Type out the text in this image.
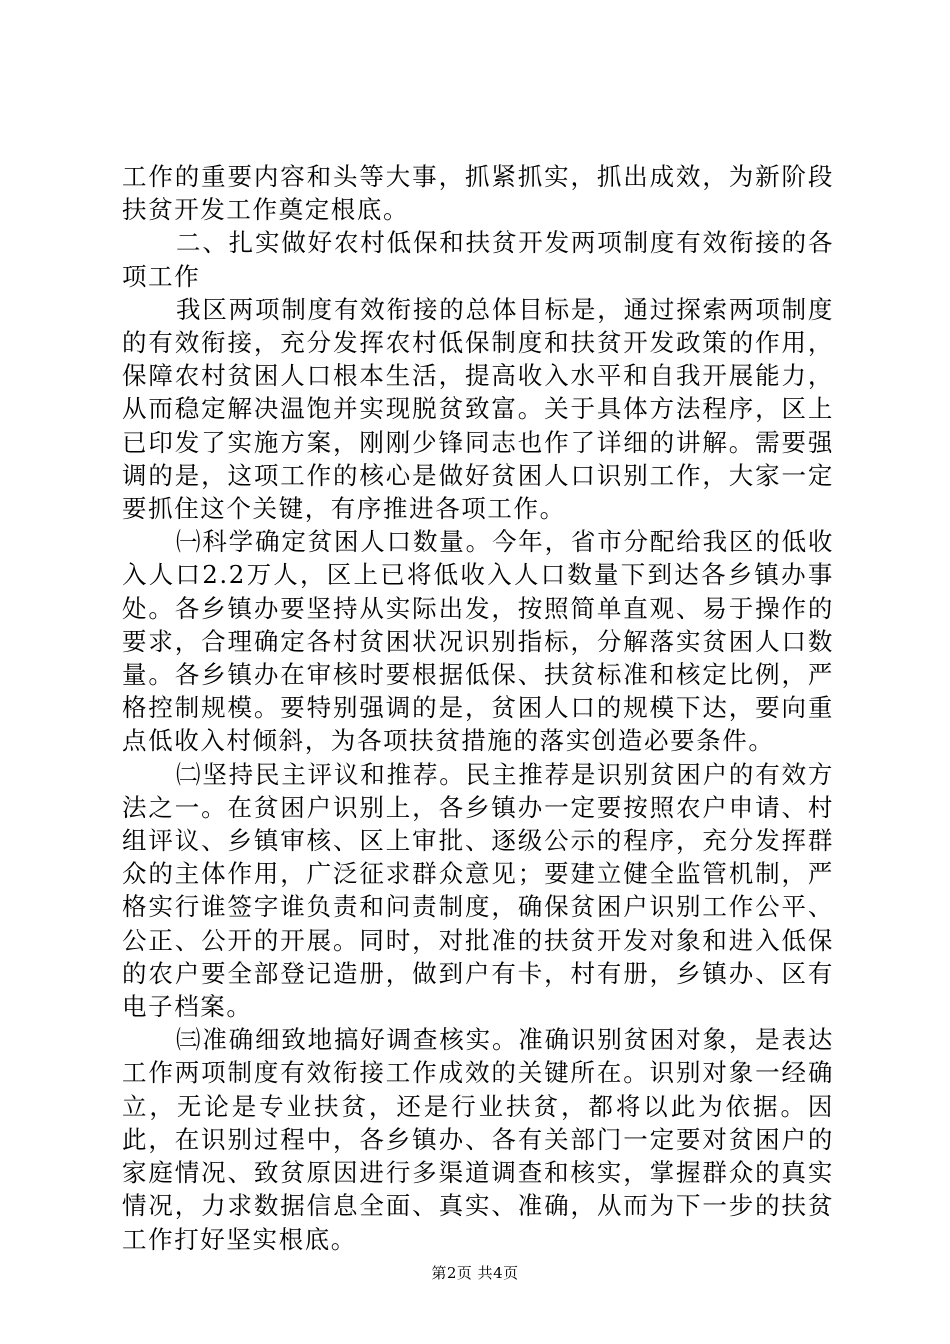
工作的重要内容和头等大事，抓紧抓实，抓出成效，为新阶段扶贫开发工作奠定根底。

二、扎实做好农村低保和扶贫开发两项制度有效衔接的各项工作

我区两项制度有效衔接的总体目标是，通过探索两项制度的有效衔接，充分发挥农村低保制度和扶贫开发政策的作用，保障农村贫困人口根本生活，提高收入水平和自我开展能力，从而稳定解决温饱并实现脱贫致富。关于具体方法程序，区上已印发了实施方案，刚刚少锋同志也作了详细的讲解。需要强调的是，这项工作的核心是做好贫困人口识别工作，大家一定要抓住这个关键，有序推进各项工作。

㈠科学确定贫困人口数量。今年，省市分配给我区的低收入人口2.2万人，区上已将低收入人口数量下到达各乡镇办事处。各乡镇办要坚持从实际出发，按照简单直观、易于操作的要求，合理确定各村贫困状况识别指标，分解落实贫困人口数量。各乡镇办在审核时要根据低保、扶贫标准和核定比例，严格控制规模。要特别强调的是，贫困人口的规模下达，要向重点低收入村倾斜，为各项扶贫措施的落实创造必要条件。

㈡坚持民主评议和推荐。民主推荐是识别贫困户的有效方法之一。在贫困户识别上，各乡镇办一定要按照农户申请、村组评议、乡镇审核、区上审批、逐级公示的程序，充分发挥群众的主体作用，广泛征求群众意见；要建立健全监管机制，严格实行谁签字谁负责和问责制度，确保贫困户识别工作公平、公正、公开的开展。同时，对批准的扶贫开发对象和进入低保的农户要全部登记造册，做到户有卡，村有册，乡镇办、区有电子档案。

㈢准确细致地搞好调查核实。准确识别贫困对象，是表达工作两项制度有效衔接工作成效的关键所在。识别对象一经确立，无论是专业扶贫，还是行业扶贫，都将以此为依据。因此，在识别过程中，各乡镇办、各有关部门一定要对贫困户的家庭情况、致贫原因进行多渠道调查和核实，掌握群众的真实情况，力求数据信息全面、真实、准确，从而为下一步的扶贫工作打好坚实根底。

第2页 共4页
